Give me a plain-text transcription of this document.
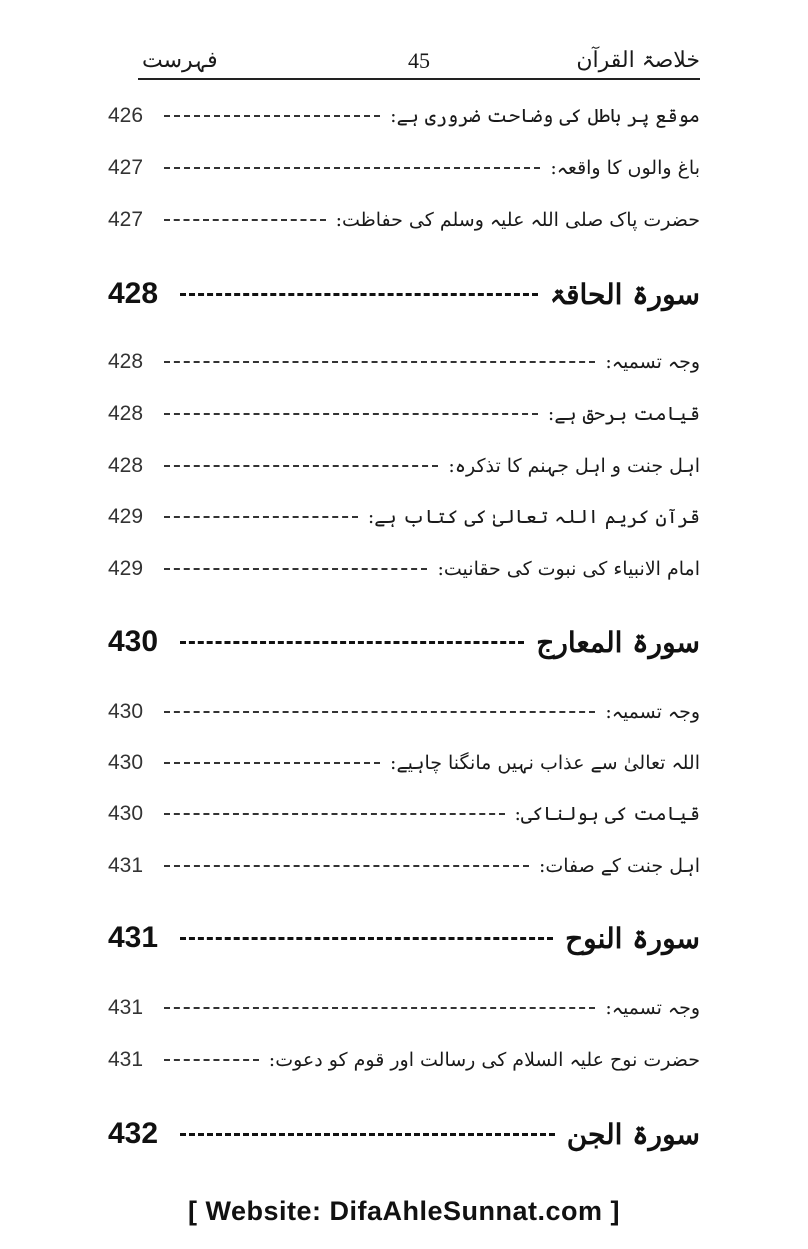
فہرست	45	خلاصۃ القرآن
426	موقع پر باطل کی وضاحت ضروری ہے:
427	باغ والوں کا واقعہ:
427	حضرت پاک صلی اللہ علیہ وسلم کی حفاظت:
428	سورۃ الحاقۃ
428	وجہ تسمیہ:
428	قیامت برحق ہے:
428	اہل جنت و اہل جہنم کا تذکرہ:
429	قرآن کریم اللہ تعالیٰ کی کتاب ہے:
429	امام الانبیاء کی نبوت کی حقانیت:
430	سورۃ المعارج
430	وجہ تسمیہ:
430	اللہ تعالیٰ سے عذاب نہیں مانگنا چاہیے:
430	قیامت کی ہولناکی:
431	اہل جنت کے صفات:
431	سورۃ النوح
431	وجہ تسمیہ:
431	حضرت نوح علیہ السلام کی رسالت اور قوم کو دعوت:
432	سورۃ الجن
[ Website: DifaAhleSunnat.com ]
